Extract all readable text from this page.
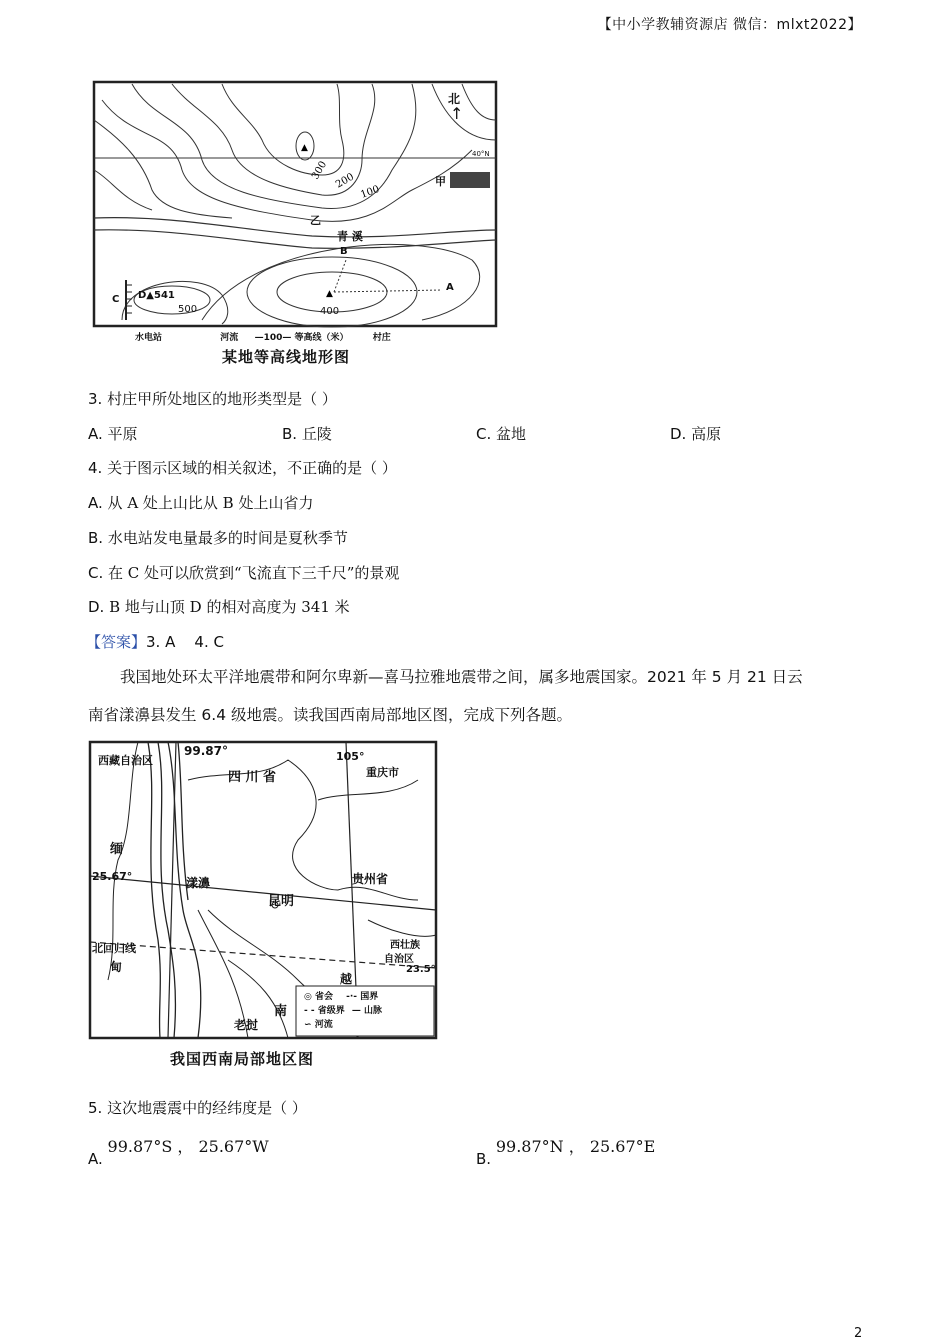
【中小学教辅资源店 微信：mlxt2022】
▲
300 200
100
▲
北
↑
40°N
甲
乙
青 溪
B
A
C D▲541
500	400
水电站	河流 —100— 等高线（米）	村庄
某地等高线地形图
3. 村庄甲所处地区的地形类型是（ ）
A. 平原	B. 丘陵	C. 盆地	D. 高原
4. 关于图示区域的相关叙述，不正确的是（ ）
A. 从 A 处上山比从 B 处上山省力
B. 水电站发电量最多的时间是夏秋季节
C. 在 C 处可以欣赏到“飞流直下三千尺”的景观
D. B 地与山顶 D 的相对高度为 341 米
【答案】3. A    4. C
我国地处环太平洋地震带和阿尔卑新—喜马拉雅地震带之间，属多地震国家。2021 年 5 月 21 日云
南省漾濞县发生 6.4 级地震。读我国西南局部地区图，完成下列各题。
西藏自治区
99.87°
四 川 省
105°
重庆市
缅
25.67°	漾濞
昆明
贵州省
北回归线
甸
西壮族
自治区
23.5°
越
南
老挝
◎ 省会 -·- 国界
- - 省级界 — 山脉
∽ 河流
我国西南局部地区图
5. 这次地震震中的经纬度是（ ）
A. 99.87°S ， 25.67°W
B. 99.87°N ， 25.67°E
2
